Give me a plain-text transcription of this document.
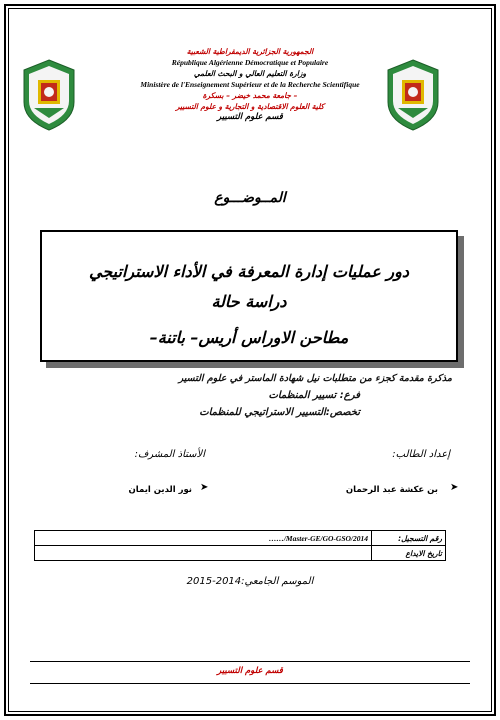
الجمهورية الجزائرية الديمقراطية الشعبية
République Algérienne Démocratique et Populaire
وزارة التعليم العالي و البحث العلمي
Ministère de l'Enseignement Supérieur et de la Recherche Scientifique
جامعة محمد خيضر – بسكرة –
كلية العلوم الاقتصادية و التجارية و علوم التسيير
قسم علوم التسيير
المــوضـــوع
دور عمليات إدارة المعرفة في الأداء الاستراتيجي
دراسة حالة
مطاحن الاوراس أريس– باتنة–
مذكرة مقدمة كجزء من متطلبات نيل شهادة الماستر في علوم التسير
فرع: تسيير المنظمات
تخصص:التسيير الاستراتيجي للمنظمات
إعداد الطالب:
الأستاذ المشرف:
➤
بن عكشة عبد الرحمان
➤
نور الدين ايمان
……/Master-GE/GO-GSO/2014	رقم التسجيل:
	تاريخ الايداع
الموسم الجامعي:2014-2015
قسم علوم التسيير
